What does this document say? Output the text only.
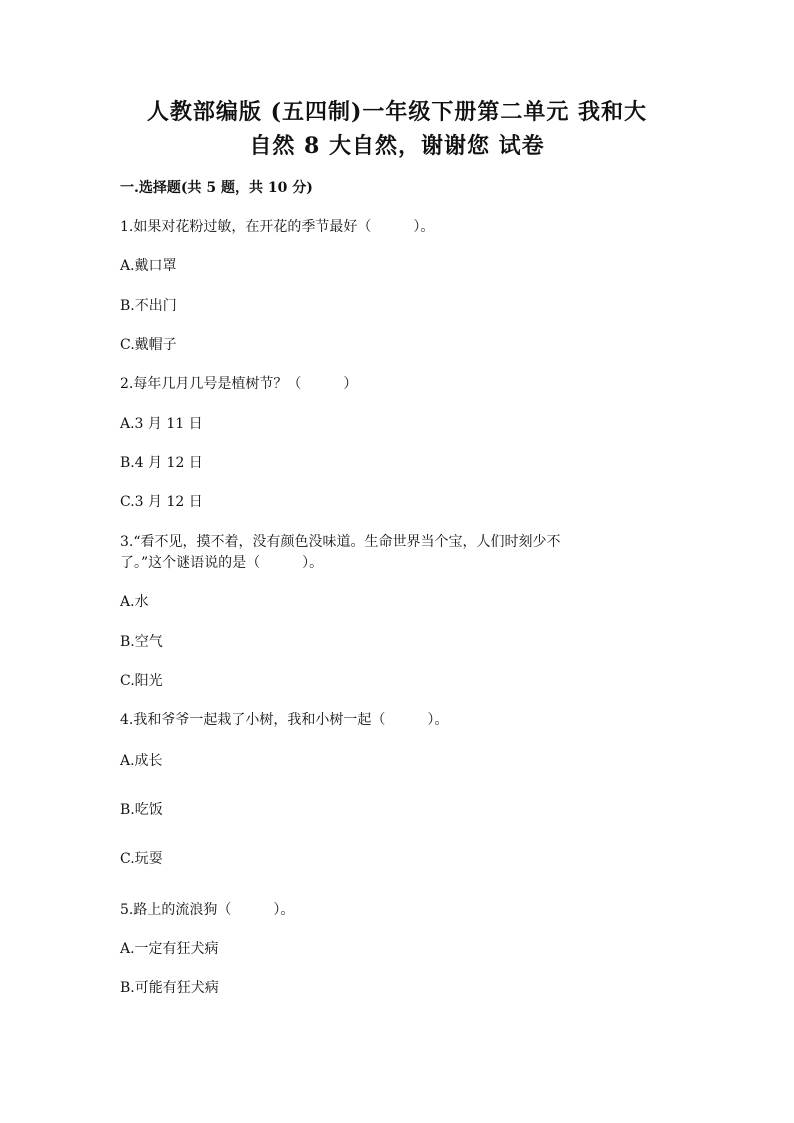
人教部编版 (五四制)一年级下册第二单元 我和大
自然 8 大自然，谢谢您 试卷
一.选择题(共 5 题，共 10 分)
1.如果对花粉过敏，在开花的季节最好（　　　）。
A.戴口罩
B.不出门
C.戴帽子
2.每年几月几号是植树节？（　　　）
A.3 月 11 日
B.4 月 12 日
C.3 月 12 日
3.“看不见，摸不着，没有颜色没味道。生命世界当个宝，人们时刻少不
了。”这个谜语说的是（　　　）。
A.水
B.空气
C.阳光
4.我和爷爷一起栽了小树，我和小树一起（　　　）。
A.成长
B.吃饭
C.玩耍
5.路上的流浪狗（　　　）。
A.一定有狂犬病
B.可能有狂犬病
